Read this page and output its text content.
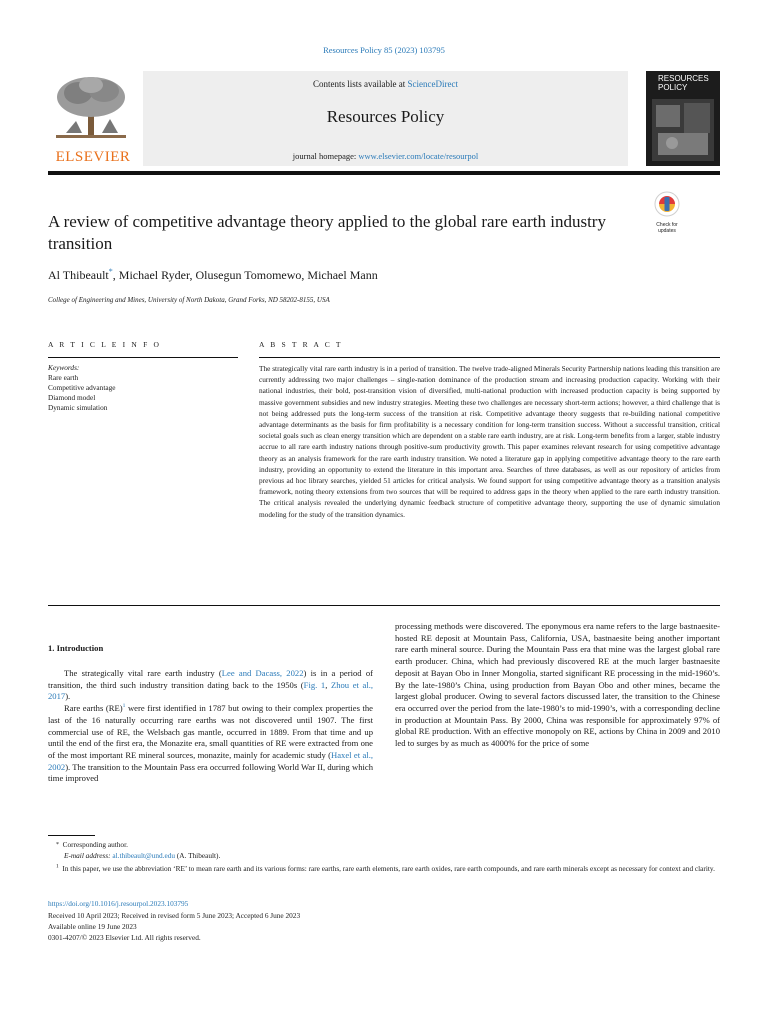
Resources Policy 85 (2023) 103795
ELSEVIER
Contents lists available at ScienceDirect
Resources Policy
journal homepage: www.elsevier.com/locate/resourpol
RESOURCES
POLICY
A review of competitive advantage theory applied to the global rare earth industry transition
Check for
updates
Al Thibeault*, Michael Ryder, Olusegun Tomomewo, Michael Mann
College of Engineering and Mines, University of North Dakota, Grand Forks, ND 58202-8155, USA
A R T I C L E I N F O	A B S T R A C T
Keywords:
Rare earth
Competitive advantage
Diamond model
Dynamic simulation
The strategically vital rare earth industry is in a period of transition. The twelve trade-aligned Minerals Security Partnership nations leading this transition are currently addressing two major challenges – single-nation dominance of the production stream and increasing production capacity. Working with their national industries, their bold, post-transition vision of diversified, multi-national production with increased production capacity is being supported by massive government subsidies and new industry strategies. Meeting these two challenges are necessary short-term actions; however, a third challenge that is not being addressed puts the long-term success of the transition at risk. Competitive advantage theory suggests that re-building national competitive advantage determinants as the basis for firm profitability is a necessary condition for long-term transition success. Without a successful transition, critical societal goals such as clean energy transition which are dependent on a stable rare earth industry, are at risk. Long-term benefits from a larger, stable industry accrue to all rare earth industry nations through positive-sum productivity growth. This paper examines relevant research for using competitive advantage theory as an analysis framework for the rare earth industry transition. We noted a literature gap in applying competitive advantage theory to the rare earth industry, providing an opportunity to extend the literature in this important area. Searches of three databases, as well as our repository of articles from previous ad hoc library searches, yielded 51 articles for critical analysis. We found support for using competitive advantage theory as a transition analysis framework, noting theory extensions from two sources that will be required to address gaps in the theory when applied to the rare earth industry transition. The critical analysis revealed the underlying dynamic feedback structure of competitive advantage theory, supporting the use of dynamic simulation modeling for the study of the transition dynamics.
1. Introduction

The strategically vital rare earth industry (Lee and Dacass, 2022) is in a period of transition, the third such industry transition dating back to the 1950s (Fig. 1, Zhou et al., 2017).

Rare earths (RE)$^1$ were first identified in 1787 but owing to their complex properties the last of the 16 naturally occurring rare earths was not discovered until 1907. The first commercial use of RE, the Welsbach gas mantle, occurred in 1889. From that time and up until the end of the first era, the Monazite era, small quantities of RE were extracted from one of the most important RE mineral sources, monazite, mainly for academic study (Haxel et al., 2002). The transition to the Mountain Pass era occurred following World War II, during which time improved

processing methods were discovered. The eponymous era name refers to the large bastnaesite-hosted RE deposit at Mountain Pass, California, USA, bastnaesite being another important rare earth mineral source. During the Mountain Pass era that mine was the largest global rare earth producer. China, which had previously discovered RE at the much larger bastnaesite deposit at Bayan Obo in Inner Mongolia, started significant RE processing in the mid-1960’s. By the late-1980’s China, using production from Bayan Obo and other mines, became the largest global producer. Owing to several factors discussed later, the transition to the Chinese era occurred over the period from the late-1980’s to mid-1990’s, with a corresponding decline in production at Mountain Pass. By 2000, China was responsible for approximately 97% of global RE production. With an effective monopoly on RE, actions by China in 2009 and 2010 led to surges by as much as 4000% for the price of some

* Corresponding author.
E-mail address: al.thibeault@und.edu (A. Thibeault).
$^1$ In this paper, we use the abbreviation ‘RE’ to mean rare earth and its various forms: rare earths, rare earth elements, rare earth oxides, rare earth compounds, and rare earth minerals except as necessary for context and clarity.
https://doi.org/10.1016/j.resourpol.2023.103795
Received 10 April 2023; Received in revised form 5 June 2023; Accepted 6 June 2023
Available online 19 June 2023
0301-4207/© 2023 Elsevier Ltd. All rights reserved.
